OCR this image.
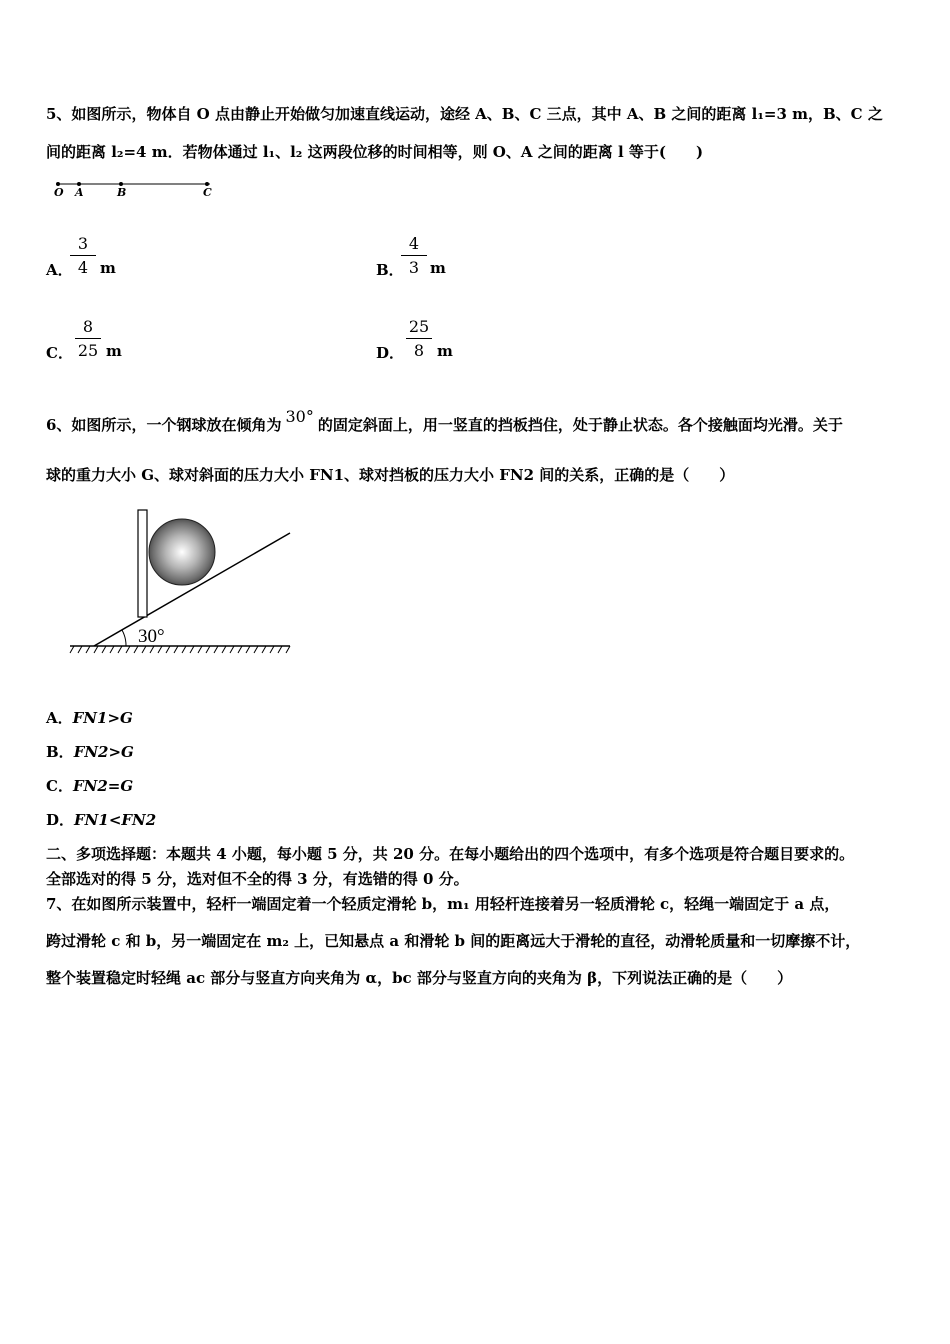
5、如图所示，物体自 O 点由静止开始做匀加速直线运动，途经 A、B、C 三点，其中 A、B 之间的距离 l₁=3 m，B、C 之
间的距离 l₂=4 m．若物体通过 l₁、l₂ 这两段位移的时间相等，则 O、A 之间的距离 l 等于(　　)
O A	B	C
A．
$\frac{3}{4}$ m	B．
$\frac{4}{3}$ m
C． $\frac{8}{25}$ m	D． $\frac{25}{8}$ m
6、如图所示，一个钢球放在倾角为 30° 的固定斜面上，用一竖直的挡板挡住，处于静止状态。各个接触面均光滑。关于
球的重力大小 G、球对斜面的压力大小 FN1、球对挡板的压力大小 FN2 间的关系，正确的是（　　）
30°
A．FN1>G
B．FN2>G
C．FN2=G
D．FN1<FN2
二、多项选择题：本题共 4 小题，每小题 5 分，共 20 分。在每小题给出的四个选项中，有多个选项是符合题目要求的。
全部选对的得 5 分，选对但不全的得 3 分，有选错的得 0 分。
7、在如图所示装置中，轻杆一端固定着一个轻质定滑轮 b，m₁ 用轻杆连接着另一轻质滑轮 c，轻绳一端固定于 a 点，
跨过滑轮 c 和 b，另一端固定在 m₂ 上，已知悬点 a 和滑轮 b 间的距离远大于滑轮的直径，动滑轮质量和一切摩擦不计，
整个装置稳定时轻绳 ac 部分与竖直方向夹角为 α，bc 部分与竖直方向的夹角为 β，下列说法正确的是（　　）
